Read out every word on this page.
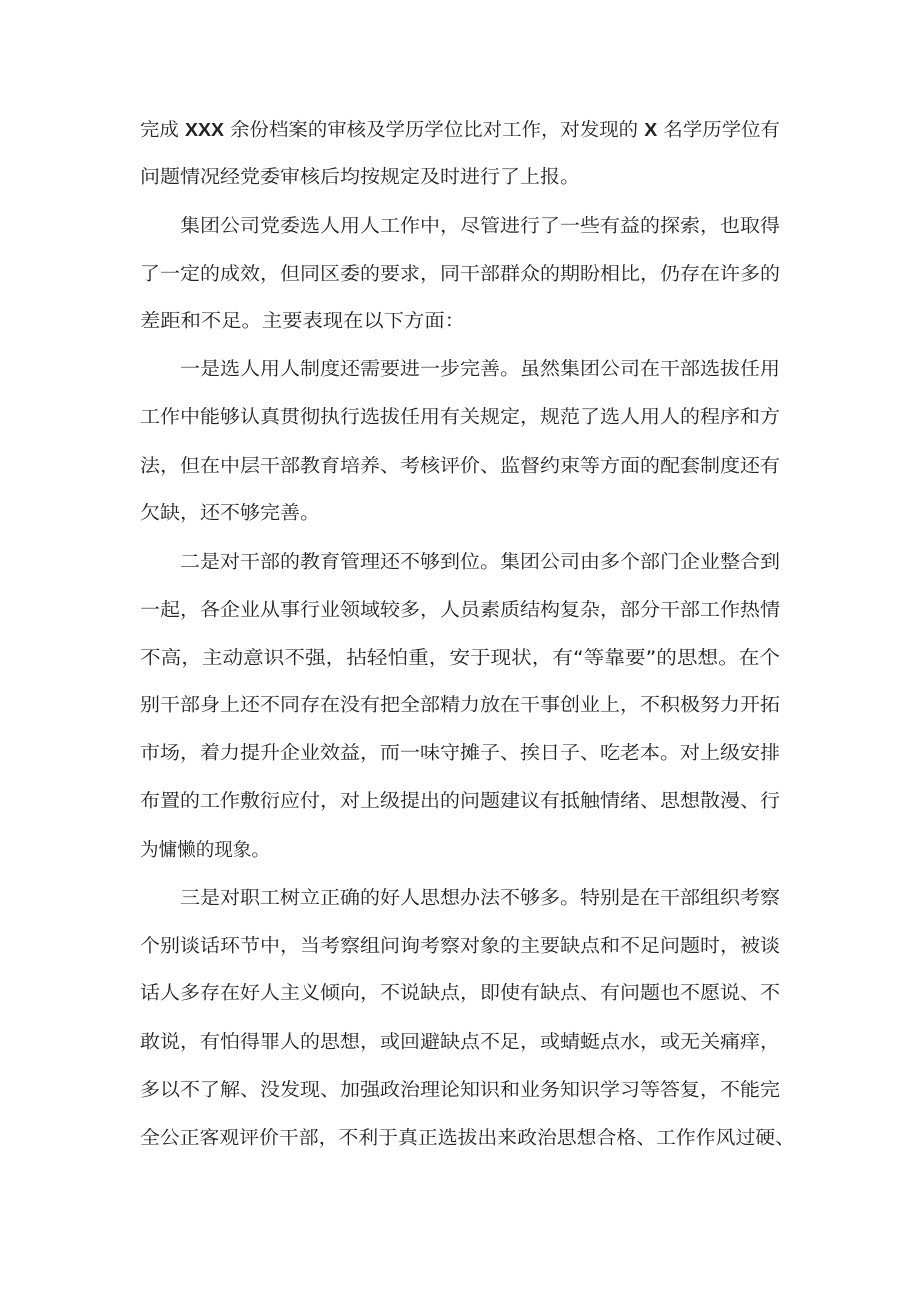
完成 XXX 余份档案的审核及学历学位比对工作，对发现的 X 名学历学位有
问题情况经党委审核后均按规定及时进行了上报。
集团公司党委选人用人工作中，尽管进行了一些有益的探索，也取得
了一定的成效，但同区委的要求，同干部群众的期盼相比，仍存在许多的
差距和不足。主要表现在以下方面：
一是选人用人制度还需要进一步完善。虽然集团公司在干部选拔任用
工作中能够认真贯彻执行选拔任用有关规定，规范了选人用人的程序和方
法，但在中层干部教育培养、考核评价、监督约束等方面的配套制度还有
欠缺，还不够完善。
二是对干部的教育管理还不够到位。集团公司由多个部门企业整合到
一起，各企业从事行业领域较多，人员素质结构复杂，部分干部工作热情
不高，主动意识不强，拈轻怕重，安于现状，有“等靠要”的思想。在个
别干部身上还不同存在没有把全部精力放在干事创业上，不积极努力开拓
市场，着力提升企业效益，而一味守摊子、挨日子、吃老本。对上级安排
布置的工作敷衍应付，对上级提出的问题建议有抵触情绪、思想散漫、行
为慵懒的现象。
三是对职工树立正确的好人思想办法不够多。特别是在干部组织考察
个别谈话环节中，当考察组问询考察对象的主要缺点和不足问题时，被谈
话人多存在好人主义倾向，不说缺点，即使有缺点、有问题也不愿说、不
敢说，有怕得罪人的思想，或回避缺点不足，或蜻蜓点水，或无关痛痒，
多以不了解、没发现、加强政治理论知识和业务知识学习等答复，不能完
全公正客观评价干部，不利于真正选拔出来政治思想合格、工作作风过硬、
